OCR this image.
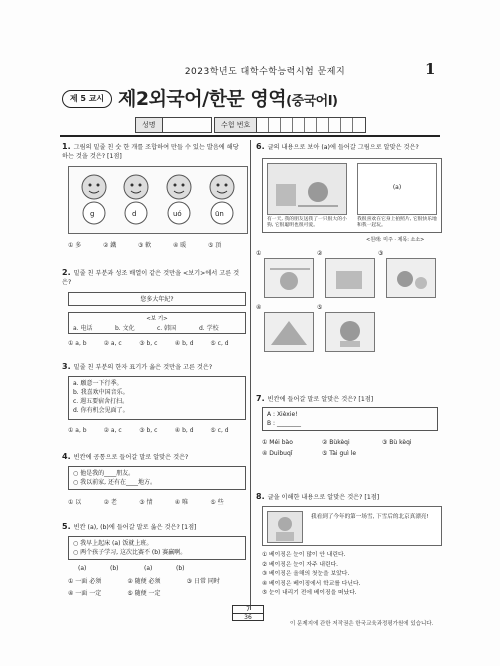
2023학년도 대학수학능력시험 문제지	1
제 5 교시 제2외국어/한문 영역(중국어Ⅰ)
성명	수험 번호
1. 그림의 밑줄 친 숫 한 개를 조합하여 만들 수 있는 발음에 해당하는 것을 것은? [1점]
g	d	uó	ūn
① 多	② 鐵	③ 軟	④ 暖	⑤ 頂
2. 밑줄 친 부분과 성조 배열이 같은 것만을 <보기>에서 고른 것은?
您多大年紀?
<보 기>
a. 电话	b. 文化	c. 韩国	d. 学校
① a, b	② a, c	③ b, c	④ b, d	⑤ c, d
3. 밑줄 친 부분의 한자 표기가 옳은 것만을 고른 것은?
a. 願意一下行季。
b. 我喜欢中国音乐。
c. 週五要宿舍打扫。
d. 你有机会见面了。
① a, b	② a, c	③ b, c	④ b, d	⑤ c, d
4. 빈칸에 공통으로 들어갈 말로 알맞은 것은?
○ 他是我的____朋友。
○ 我以前家, 还有在____地方。
① 以	② 老	③ 情	④ 唯	⑤ 些
5. 빈칸 (a), (b)에 들어갈 말로 옳은 것은? [1점]
○ 我早上起床 (a) 饭就上班。
○ 两个孩子学习, 这次比赛不 (b) 赛贏啊。
(a)	(b)	(a)	(b)
① 一面 必须	② 随便 必须	③ 日常 同时
④ 一面 一定	⑤ 随便 一定
6. 글의 내용으로 보아 (a)에 들어갈 그림으로 알맞은 것은?
(a)
有一天, 我的朋友送我了一只很大的小狗, 它很聪明也很可爱。
我很喜欢在它身上拍照片, 它很快乐地和我一起玩。
<원래: 미주 · 제목: 소소>
①	②	③
④	⑤
7. 빈칸에 들어갈 말로 알맞은 것은? [1점]
A : Xièxie!
B : ________
① Méi bào	② Bùkèqi	③ Bù kèqi
④ Duìbuqǐ	⑤ Tài guì le
8. 글을 이해한 내용으로 알맞은 것은? [1점]
我看到了今年的第一场雪, 下雪后的北京真漂亮!
① 베이징은 눈이 많이 안 내린다.
② 베이징은 눈이 자주 내린다.
③ 베이징은 올해의 첫눈을 보았다.
④ 베이징은 베이징에서 학교를 다닌다.
⑤ 눈이 내리기 전에 베이징을 떠났다.
7
36
이 문제지에 관한 저작권은 한국교육과정평가원에 있습니다.
